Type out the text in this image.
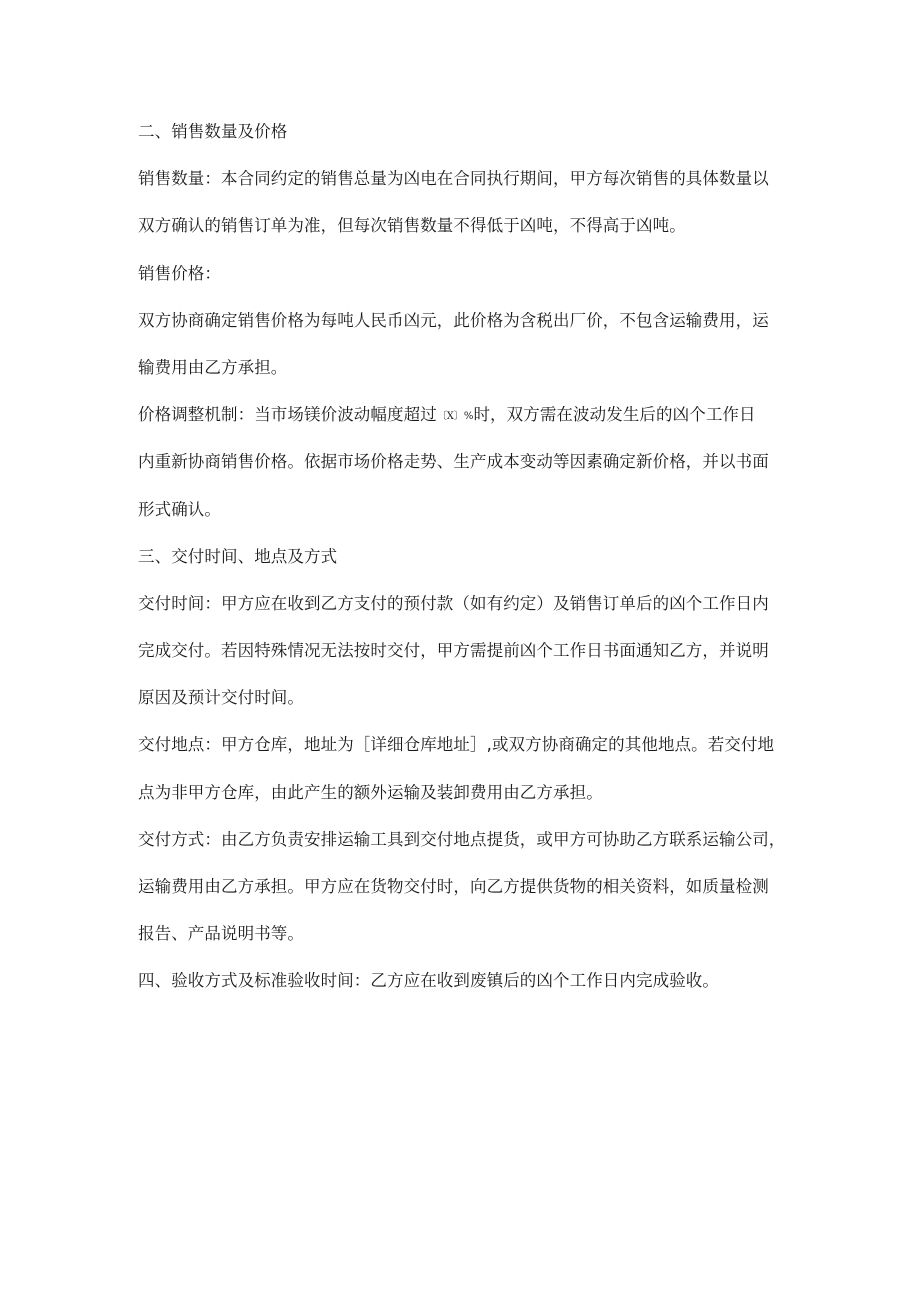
二、销售数量及价格
销售数量：本合同约定的销售总量为凶电在合同执行期间，甲方每次销售的具体数量以
双方确认的销售订单为准，但每次销售数量不得低于凶吨，不得高于凶吨。
销售价格：
双方协商确定销售价格为每吨人民币凶元，此价格为含税出厂价，不包含运输费用，运
输费用由乙方承担。
价格调整机制：当市场镁价波动幅度超过〔X〕%时，双方需在波动发生后的凶个工作日
内重新协商销售价格。依据市场价格走势、生产成本变动等因素确定新价格，并以书面
形式确认。
三、交付时间、地点及方式
交付时间：甲方应在收到乙方支付的预付款（如有约定）及销售订单后的凶个工作日内
完成交付。若因特殊情况无法按时交付，甲方需提前凶个工作日书面通知乙方，并说明
原因及预计交付时间。
交付地点：甲方仓库，地址为［详细仓库地址］,或双方协商确定的其他地点。若交付地
点为非甲方仓库，由此产生的额外运输及装卸费用由乙方承担。
交付方式：由乙方负责安排运输工具到交付地点提货，或甲方可协助乙方联系运输公司，
运输费用由乙方承担。甲方应在货物交付时，向乙方提供货物的相关资料，如质量检测
报告、产品说明书等。
四、验收方式及标准验收时间：乙方应在收到废镇后的凶个工作日内完成验收。
